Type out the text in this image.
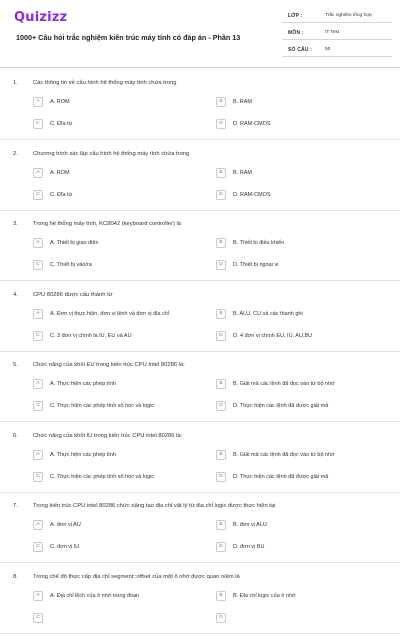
Quizizz
1000+ Câu hỏi trắc nghiệm kiến trúc máy tính có đáp án - Phần 13
LỚP :	Trắc nghiệm tổng hợp
MÔN :	IT Test
SỐ CÂU :	50
1.	Các thông tin về cấu hình hệ thống máy tính chứa trong
A	A. ROM	B	B. RAM
C	C. Đĩa từ	D	D. RAM-CMOS
2.	Chương trình xác lập cấu hình hệ thống máy tính chứa trong
A	A. ROM	B	B. RAM
C	C. Đĩa từ	D	D. RAM-CMOS
3.	Trong hệ thống máy tính, KC8042 (keyboard controller) là
A	A. Thiết bị giao diện	B	B. Thiết bị điều khiển
C	C. Thiết bị vào/ra	D	D. Thiết bị ngoại vi
4.	CPU 80286 được cấu thành từ
A	A. Đơn vị thực hiện, đơn vị lệnh và đơn vị địa chỉ	B	B. ALU, CU và các thanh ghi
C	C. 3 đơn vị chính là IU, EU và AU	D	D. 4 đơn vị chính EU, IU, AU,BU
5.	Chức năng của khối EU trong kiến trúc CPU Intel 80286 là:
A	A. Thực hiện các phép tính	B	B. Giải mã các lệnh đã đọc vào từ bộ nhớ
C	C. Thực hiện các phép tính số học và logic	D	D. Thực hiện các lệnh đã được giải mã
6.	Chức năng của khối IU trong kiến trúc CPU intel 80286 là:
A	A. Thực hiện các phép tính	B	B. Giải mã các lệnh đã đọc vào từ bộ nhớ
C	C. Thực hiện các phép tính số học và logic	D	D. Thực hiện các lệnh đã được giải mã
7.	Trong kiến trúc CPU intel 80286 chức năng tạo địa chỉ vật lý từ địa chỉ logic được thực hiện tại
A	A. đơn vị AU	B	B. đơn vị ALU
C	C. đơn vị IU	D	D. đơn vị BU
8.	Trong chế độ thực cấp địa chỉ segment::offset của một ô nhớ được quan niệm là
A	A. Địa chỉ lệch của ô nhớ trong đoạn	B	B. Địa chỉ logic của ô nhớ
C	D
